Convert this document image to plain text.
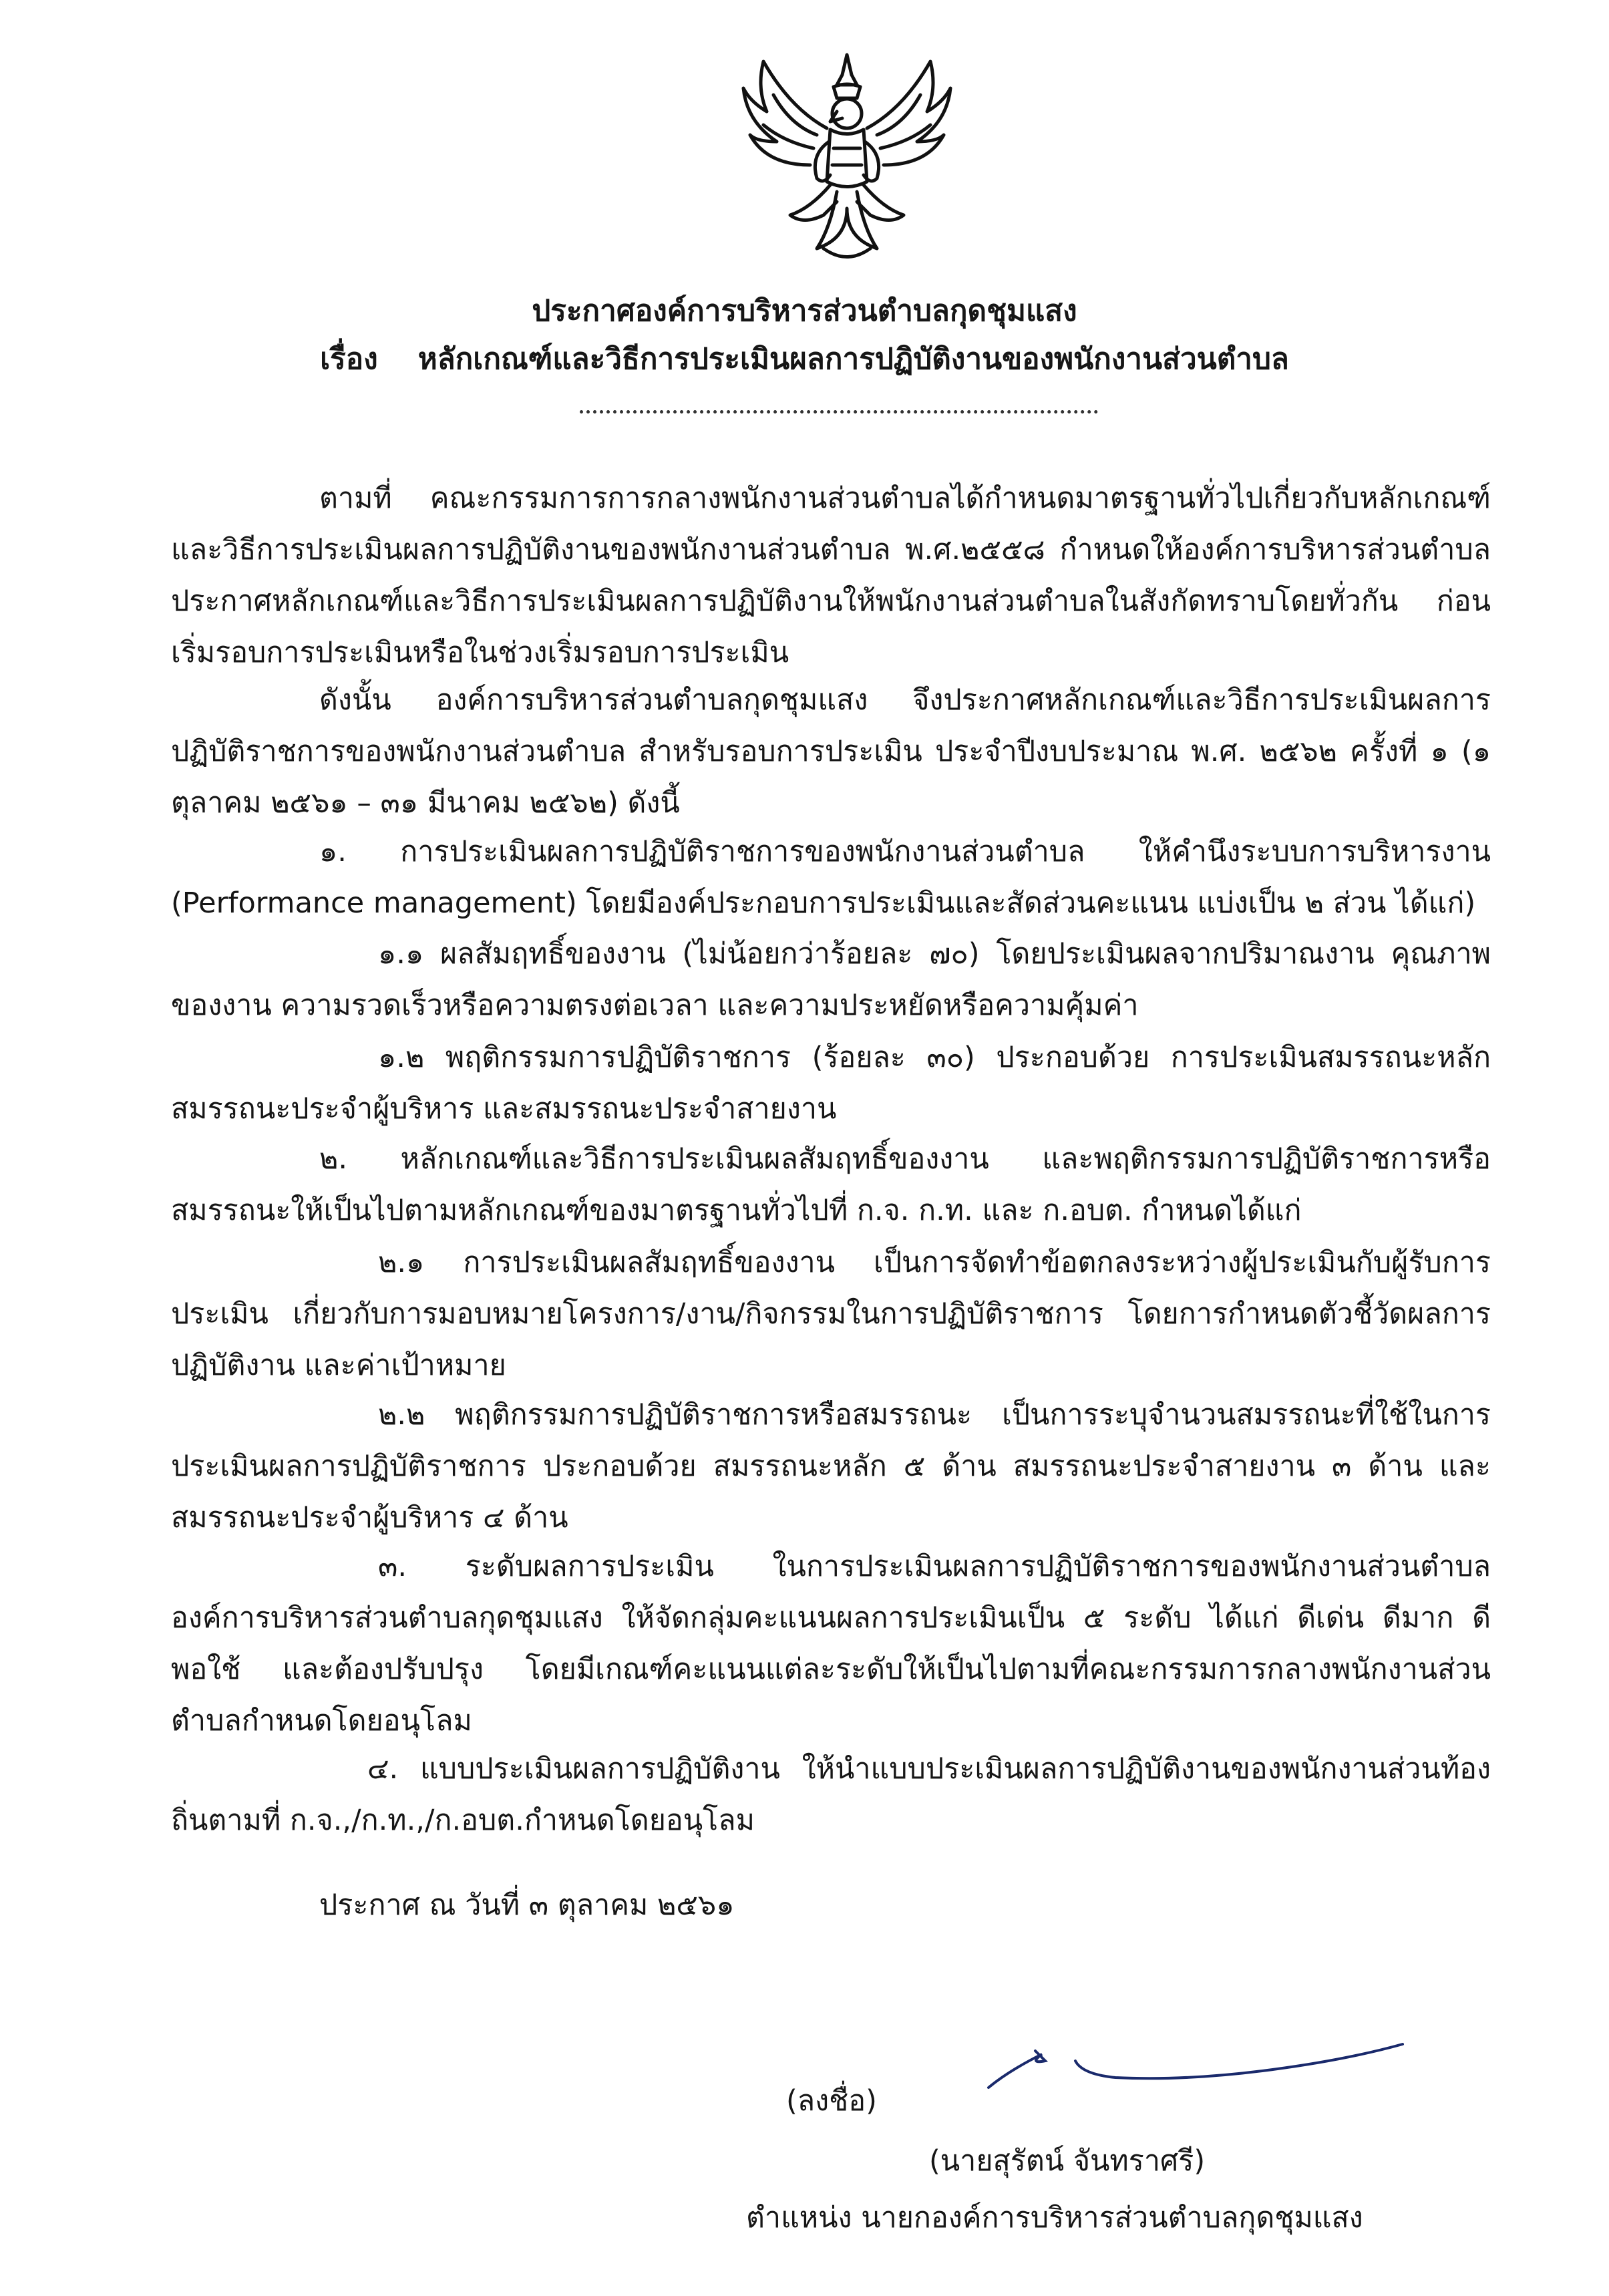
ประกาศองค์การบริหารส่วนตำบลกุดชุมแสง
เรื่อง หลักเกณฑ์และวิธีการประเมินผลการปฏิบัติงานของพนักงานส่วนตำบล
ตามที่ คณะกรรมการการกลางพนักงานส่วนตำบลได้กำหนดมาตรฐานทั่วไปเกี่ยวกับหลักเกณฑ์และวิธีการประเมินผลการปฏิบัติงานของพนักงานส่วนตำบล พ.ศ.๒๕๕๘ กำหนดให้องค์การบริหารส่วนตำบลประกาศหลักเกณฑ์และวิธีการประเมินผลการปฏิบัติงานให้พนักงานส่วนตำบลในสังกัดทราบโดยทั่วกัน ก่อนเริ่มรอบการประเมินหรือในช่วงเริ่มรอบการประเมิน
ดังนั้น องค์การบริหารส่วนตำบลกุดชุมแสง จึงประกาศหลักเกณฑ์และวิธีการประเมินผลการปฏิบัติราชการของพนักงานส่วนตำบล สำหรับรอบการประเมิน ประจำปีงบประมาณ พ.ศ. ๒๕๖๒ ครั้งที่ ๑ (๑ ตุลาคม ๒๕๖๑ – ๓๑ มีนาคม ๒๕๖๒) ดังนี้
๑. การประเมินผลการปฏิบัติราชการของพนักงานส่วนตำบล ให้คำนึงระบบการบริหารงาน (Performance management) โดยมีองค์ประกอบการประเมินและสัดส่วนคะแนน แบ่งเป็น ๒ ส่วน ได้แก่)
๑.๑ ผลสัมฤทธิ์ของงาน (ไม่น้อยกว่าร้อยละ ๗๐) โดยประเมินผลจากปริมาณงาน คุณภาพของงาน ความรวดเร็วหรือความตรงต่อเวลา และความประหยัดหรือความคุ้มค่า
๑.๒ พฤติกรรมการปฏิบัติราชการ (ร้อยละ ๓๐) ประกอบด้วย การประเมินสมรรถนะหลัก สมรรถนะประจำผู้บริหาร และสมรรถนะประจำสายงาน
๒. หลักเกณฑ์และวิธีการประเมินผลสัมฤทธิ์ของงาน และพฤติกรรมการปฏิบัติราชการหรือสมรรถนะให้เป็นไปตามหลักเกณฑ์ของมาตรฐานทั่วไปที่ ก.จ. ก.ท. และ ก.อบต. กำหนดได้แก่
๒.๑ การประเมินผลสัมฤทธิ์ของงาน เป็นการจัดทำข้อตกลงระหว่างผู้ประเมินกับผู้รับการประเมิน เกี่ยวกับการมอบหมายโครงการ/งาน/กิจกรรมในการปฏิบัติราชการ โดยการกำหนดตัวชี้วัดผลการปฏิบัติงาน และค่าเป้าหมาย
๒.๒ พฤติกรรมการปฏิบัติราชการหรือสมรรถนะ เป็นการระบุจำนวนสมรรถนะที่ใช้ในการประเมินผลการปฏิบัติราชการ ประกอบด้วย สมรรถนะหลัก ๕ ด้าน สมรรถนะประจำสายงาน ๓ ด้าน และสมรรถนะประจำผู้บริหาร ๔ ด้าน
๓. ระดับผลการประเมิน ในการประเมินผลการปฏิบัติราชการของพนักงานส่วนตำบลองค์การบริหารส่วนตำบลกุดชุมแสง ให้จัดกลุ่มคะแนนผลการประเมินเป็น ๕ ระดับ ได้แก่ ดีเด่น ดีมาก ดี พอใช้ และต้องปรับปรุง โดยมีเกณฑ์คะแนนแต่ละระดับให้เป็นไปตามที่คณะกรรมการกลางพนักงานส่วนตำบลกำหนดโดยอนุโลม
๔. แบบประเมินผลการปฏิบัติงาน ให้นำแบบประเมินผลการปฏิบัติงานของพนักงานส่วนท้องถิ่นตามที่ ก.จ.,/ก.ท.,/ก.อบต.กำหนดโดยอนุโลม
ประกาศ ณ วันที่ ๓ ตุลาคม ๒๕๖๑
(ลงชื่อ)
(นายสุรัตน์ จันทราศรี)
ตำแหน่ง นายกองค์การบริหารส่วนตำบลกุดชุมแสง
